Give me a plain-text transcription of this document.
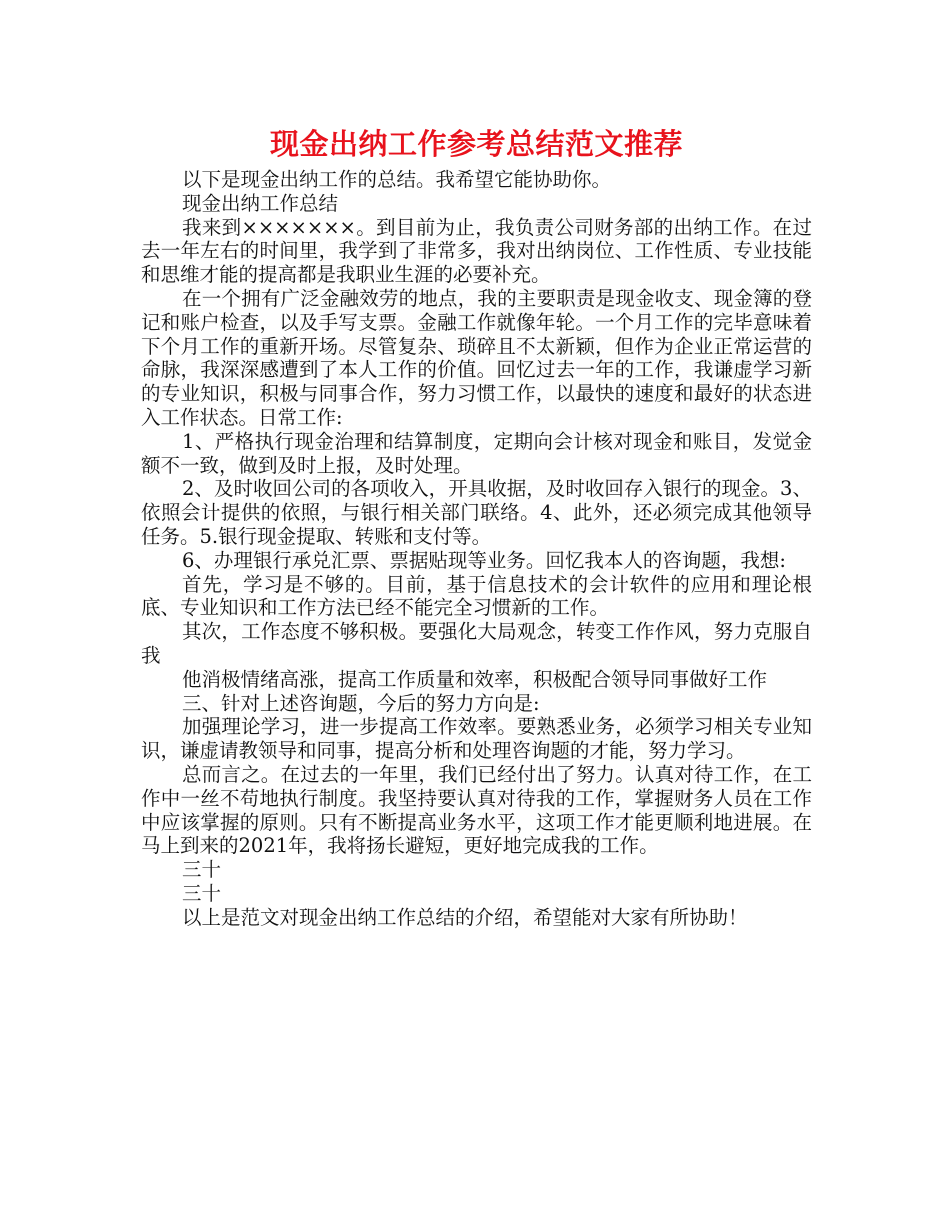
现金出纳工作参考总结范文推荐

以下是现金出纳工作的总结。我希望它能协助你。

现金出纳工作总结

我来到×××××××。到目前为止，我负责公司财务部的出纳工作。在过去一年左右的时间里，我学到了非常多，我对出纳岗位、工作性质、专业技能和思维才能的提高都是我职业生涯的必要补充。

在一个拥有广泛金融效劳的地点，我的主要职责是现金收支、现金簿的登记和账户检查，以及手写支票。金融工作就像年轮。一个月工作的完毕意味着下个月工作的重新开场。尽管复杂、琐碎且不太新颖，但作为企业正常运营的命脉，我深深感遭到了本人工作的价值。回忆过去一年的工作，我谦虚学习新的专业知识，积极与同事合作，努力习惯工作，以最快的速度和最好的状态进入工作状态。日常工作:

1、严格执行现金治理和结算制度，定期向会计核对现金和账目，发觉金额不一致，做到及时上报，及时处理。

2、及时收回公司的各项收入，开具收据，及时收回存入银行的现金。3、依照会计提供的依照，与银行相关部门联络。4、此外，还必须完成其他领导任务。5.银行现金提取、转账和支付等。

6、办理银行承兑汇票、票据贴现等业务。回忆我本人的咨询题，我想:

首先，学习是不够的。目前，基于信息技术的会计软件的应用和理论根底、专业知识和工作方法已经不能完全习惯新的工作。

其次，工作态度不够积极。要强化大局观念，转变工作作风，努力克服自我

他消极情绪高涨，提高工作质量和效率，积极配合领导同事做好工作

三、针对上述咨询题，今后的努力方向是:

加强理论学习，进一步提高工作效率。要熟悉业务，必须学习相关专业知识，谦虚请教领导和同事，提高分析和处理咨询题的才能，努力学习。

总而言之。在过去的一年里，我们已经付出了努力。认真对待工作，在工作中一丝不苟地执行制度。我坚持要认真对待我的工作，掌握财务人员在工作中应该掌握的原则。只有不断提高业务水平，这项工作才能更顺利地进展。在马上到来的2021年，我将扬长避短，更好地完成我的工作。

三十

三十

以上是范文对现金出纳工作总结的介绍，希望能对大家有所协助！
